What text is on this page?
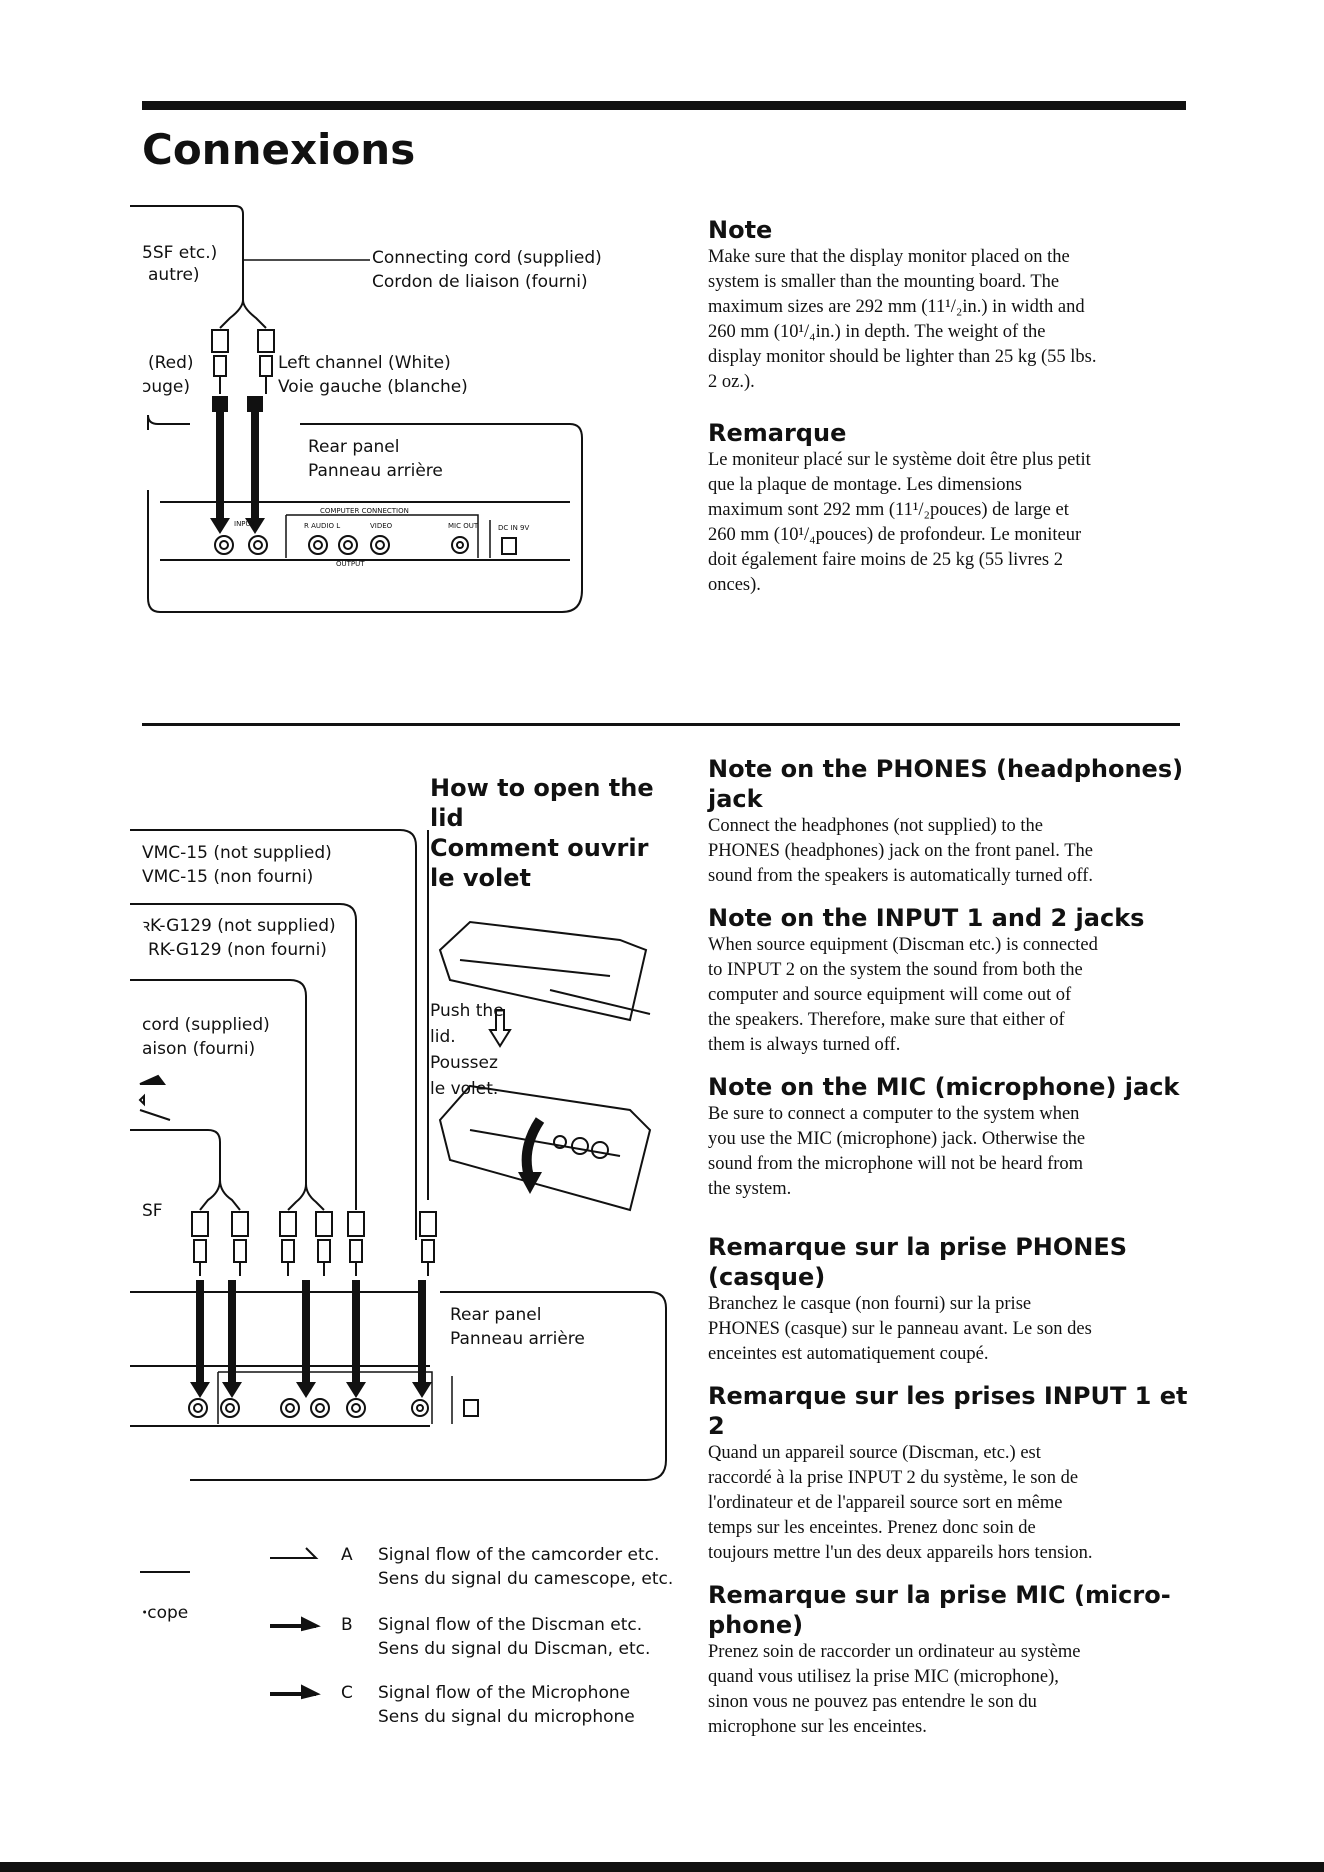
Connexions
COMPUTER CONNECTION
R AUDIO L	VIDEO	MIC OUT	DC IN 9V
OUTPUT
INPUT
5SF etc.)
autre)
Connecting cord (supplied)
Cordon de liaison (fourni)
(Red)
ɔuge)
Left channel (White)
Voie gauche (blanche)
Rear panel
Panneau arrière
Note
Make sure that the display monitor placed on the
system is smaller than the mounting board. The
maximum sizes are 292 mm (11¹/₂in.) in width and
260 mm (10¹/₄in.) in depth. The weight of the
display monitor should be lighter than 25 kg (55 lbs.
2 oz.).
Remarque
Le moniteur placé sur le système doit être plus petit
que la plaque de montage. Les dimensions
maximum sont 292 mm (11¹/₂pouces) de large et
260 mm (10¹/₄pouces) de profondeur. Le moniteur
doit également faire moins de 25 kg (55 livres 2
onces).
VMC-15 (not supplied)
VMC-15 (non fourni)
ꝛK-G129 (not supplied)
RK-G129 (non fourni)
cord (supplied)
aison (fourni)
SF
Rear panel
Panneau arrière
ꞏcope
How to open the
lid
Comment ouvrir
le volet
Push the
lid.
Poussez
le volet.
A Signal flow of the camcorder etc.
Sens du signal du camescope, etc.
B Signal flow of the Discman etc.
Sens du signal du Discman, etc.
C Signal flow of the Microphone
Sens du signal du microphone
Note on the PHONES (headphones)
jack
Connect the headphones (not supplied) to the
PHONES (headphones) jack on the front panel. The
sound from the speakers is automatically turned off.
Note on the INPUT 1 and 2 jacks
When source equipment (Discman etc.) is connected
to INPUT 2 on the system the sound from both the
computer and source equipment will come out of
the speakers. Therefore, make sure that either of
them is always turned off.
Note on the MIC (microphone) jack
Be sure to connect a computer to the system when
you use the MIC (microphone) jack. Otherwise the
sound from the microphone will not be heard from
the system.
Remarque sur la prise PHONES
(casque)
Branchez le casque (non fourni) sur la prise
PHONES (casque) sur le panneau avant. Le son des
enceintes est automatiquement coupé.
Remarque sur les prises INPUT 1 et 2
Quand un appareil source (Discman, etc.) est
raccordé à la prise INPUT 2 du système, le son de
l'ordinateur et de l'appareil source sort en même
temps sur les enceintes. Prenez donc soin de
toujours mettre l'un des deux appareils hors tension.
Remarque sur la prise MIC (micro-
phone)
Prenez soin de raccorder un ordinateur au système
quand vous utilisez la prise MIC (microphone),
sinon vous ne pouvez pas entendre le son du
microphone sur les enceintes.
